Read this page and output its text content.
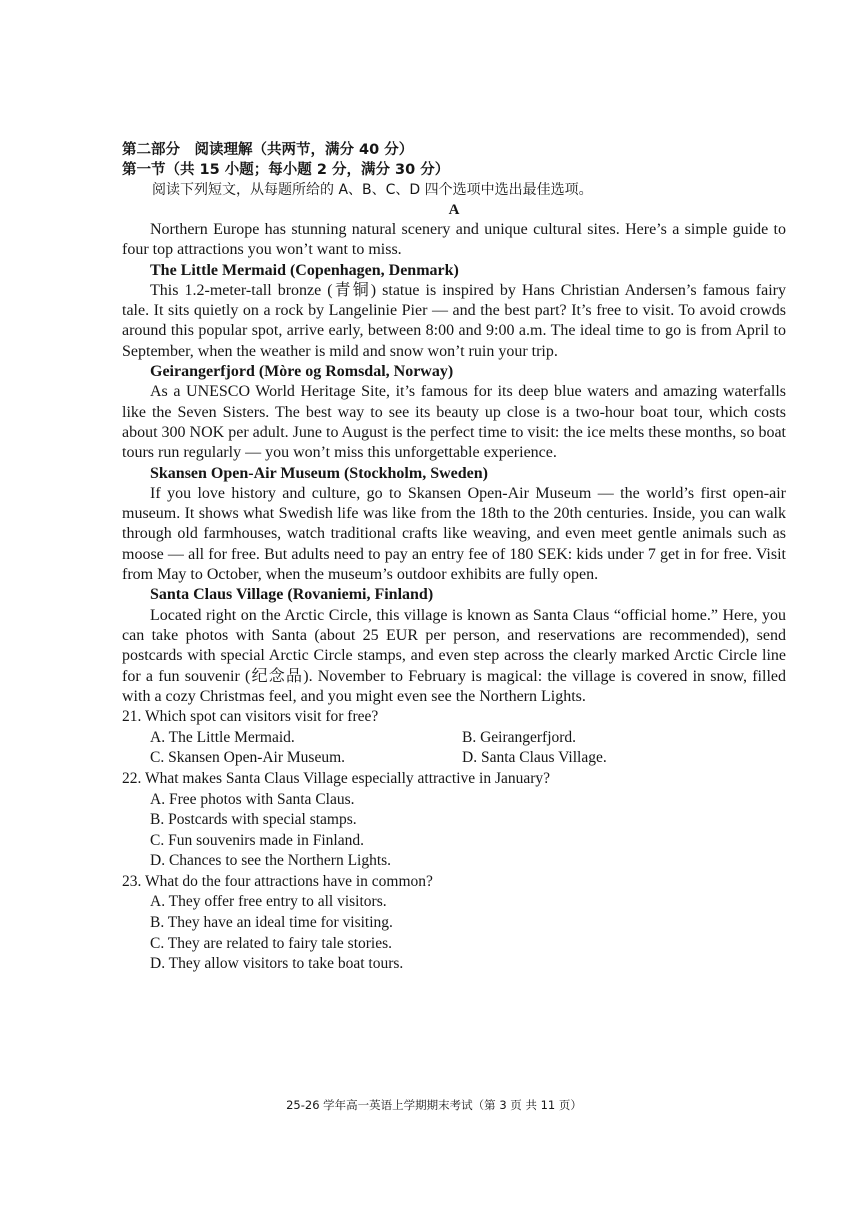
第二部分　阅读理解（共两节，满分 40 分）
第一节（共 15 小题；每小题 2 分，满分 30 分）
阅读下列短文，从每题所给的 A、B、C、D 四个选项中选出最佳选项。
A

Northern Europe has stunning natural scenery and unique cultural sites. Here’s a simple guide to four top attractions you won’t want to miss.

The Little Mermaid (Copenhagen, Denmark)

This 1.2-meter-tall bronze (青铜) statue is inspired by Hans Christian Andersen’s famous fairy tale. It sits quietly on a rock by Langelinie Pier — and the best part? It’s free to visit. To avoid crowds around this popular spot, arrive early, between 8:00 and 9:00 a.m. The ideal time to go is from April to September, when the weather is mild and snow won’t ruin your trip.

Geirangerfjord (Mòre og Romsdal, Norway)

As a UNESCO World Heritage Site, it’s famous for its deep blue waters and amazing waterfalls like the Seven Sisters. The best way to see its beauty up close is a two-hour boat tour, which costs about 300 NOK per adult. June to August is the perfect time to visit: the ice melts these months, so boat tours run regularly — you won’t miss this unforgettable experience.

Skansen Open-Air Museum (Stockholm, Sweden)

If you love history and culture, go to Skansen Open-Air Museum — the world’s first open-air museum. It shows what Swedish life was like from the 18th to the 20th centuries. Inside, you can walk through old farmhouses, watch traditional crafts like weaving, and even meet gentle animals such as moose — all for free. But adults need to pay an entry fee of 180 SEK: kids under 7 get in for free. Visit from May to October, when the museum’s outdoor exhibits are fully open.

Santa Claus Village (Rovaniemi, Finland)

Located right on the Arctic Circle, this village is known as Santa Claus “official home.” Here, you can take photos with Santa (about 25 EUR per person, and reservations are recommended), send postcards with special Arctic Circle stamps, and even step across the clearly marked Arctic Circle line for a fun souvenir (纪念品). November to February is magical: the village is covered in snow, filled with a cozy Christmas feel, and you might even see the Northern Lights.

21. Which spot can visitors visit for free?
A. The Little Mermaid.	B. Geirangerfjord.
C. Skansen Open-Air Museum.	D. Santa Claus Village.
22. What makes Santa Claus Village especially attractive in January?
A. Free photos with Santa Claus.
B. Postcards with special stamps.
C. Fun souvenirs made in Finland.
D. Chances to see the Northern Lights.
23. What do the four attractions have in common?
A. They offer free entry to all visitors.
B. They have an ideal time for visiting.
C. They are related to fairy tale stories.
D. They allow visitors to take boat tours.
25-26 学年高一英语上学期期末考试（第 3 页 共 11 页）
